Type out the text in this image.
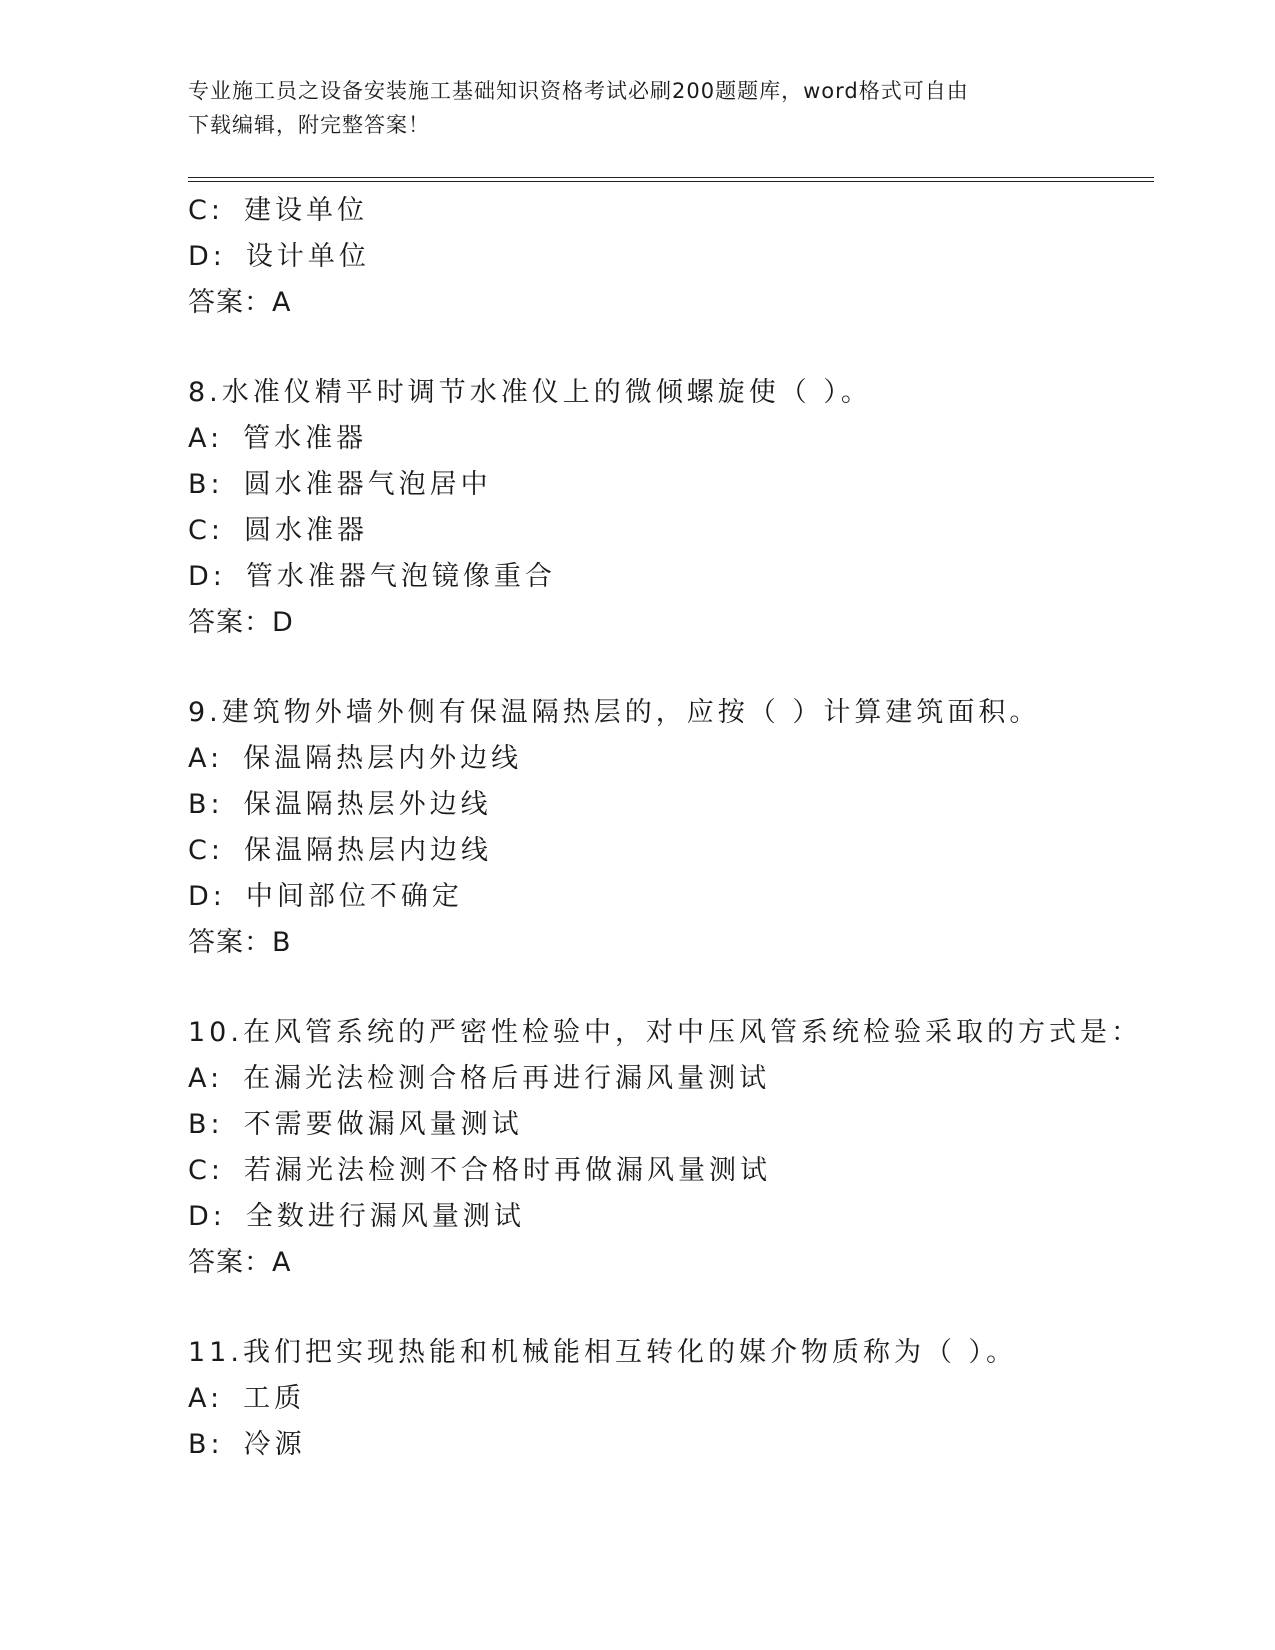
专业施工员之设备安装施工基础知识资格考试必刷200题题库，word格式可自由
下载编辑，附完整答案！
C: 建设单位
D: 设计单位
答案：A
8.水准仪精平时调节水准仪上的微倾螺旋使（ ）。
A: 管水准器
B: 圆水准器气泡居中
C: 圆水准器
D: 管水准器气泡镜像重合
答案：D
9.建筑物外墙外侧有保温隔热层的，应按（ ）计算建筑面积。
A: 保温隔热层内外边线
B: 保温隔热层外边线
C: 保温隔热层内边线
D: 中间部位不确定
答案：B
10.在风管系统的严密性检验中，对中压风管系统检验采取的方式是：
A: 在漏光法检测合格后再进行漏风量测试
B: 不需要做漏风量测试
C: 若漏光法检测不合格时再做漏风量测试
D: 全数进行漏风量测试
答案：A
11.我们把实现热能和机械能相互转化的媒介物质称为（ ）。
A: 工质
B: 冷源
